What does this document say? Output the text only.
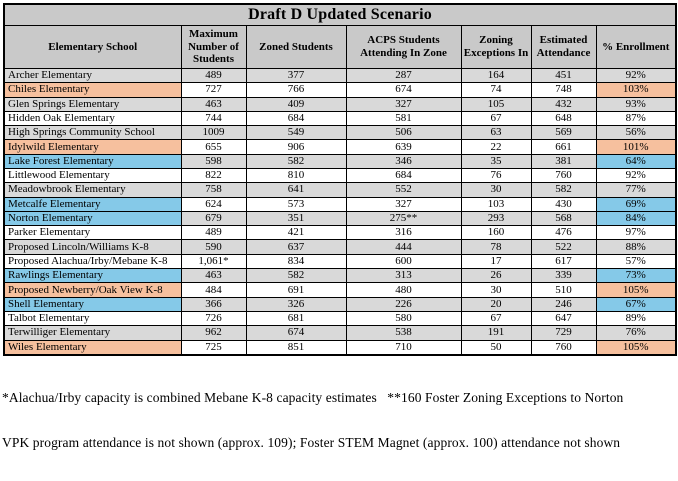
Draft D Updated Scenario						
Elementary School	Maximum Number of Students	Zoned Students	ACPS Students Attending In Zone	Zoning Exceptions In	Estimated Attendance	% Enrollment
Archer Elementary	489	377	287	164	451	92%
Chiles Elementary	727	766	674	74	748	103%
Glen Springs Elementary	463	409	327	105	432	93%
Hidden Oak Elementary	744	684	581	67	648	87%
High Springs Community School	1009	549	506	63	569	56%
Idylwild Elementary	655	906	639	22	661	101%
Lake Forest Elementary	598	582	346	35	381	64%
Littlewood Elementary	822	810	684	76	760	92%
Meadowbrook Elementary	758	641	552	30	582	77%
Metcalfe Elementary	624	573	327	103	430	69%
Norton Elementary	679	351	275**	293	568	84%
Parker Elementary	489	421	316	160	476	97%
Proposed Lincoln/Williams K-8	590	637	444	78	522	88%
Proposed Alachua/Irby/Mebane K-8	1,061*	834	600	17	617	57%
Rawlings Elementary	463	582	313	26	339	73%
Proposed Newberry/Oak View K-8	484	691	480	30	510	105%
Shell Elementary	366	326	226	20	246	67%
Talbot Elementary	726	681	580	67	647	89%
Terwilliger Elementary	962	674	538	191	729	76%
Wiles Elementary	725	851	710	50	760	105%

*Alachua/Irby capacity is combined Mebane K-8 capacity estimates   **160 Foster Zoning Exceptions to Norton

VPK program attendance is not shown (approx. 109); Foster STEM Magnet (approx. 100) attendance not shown
